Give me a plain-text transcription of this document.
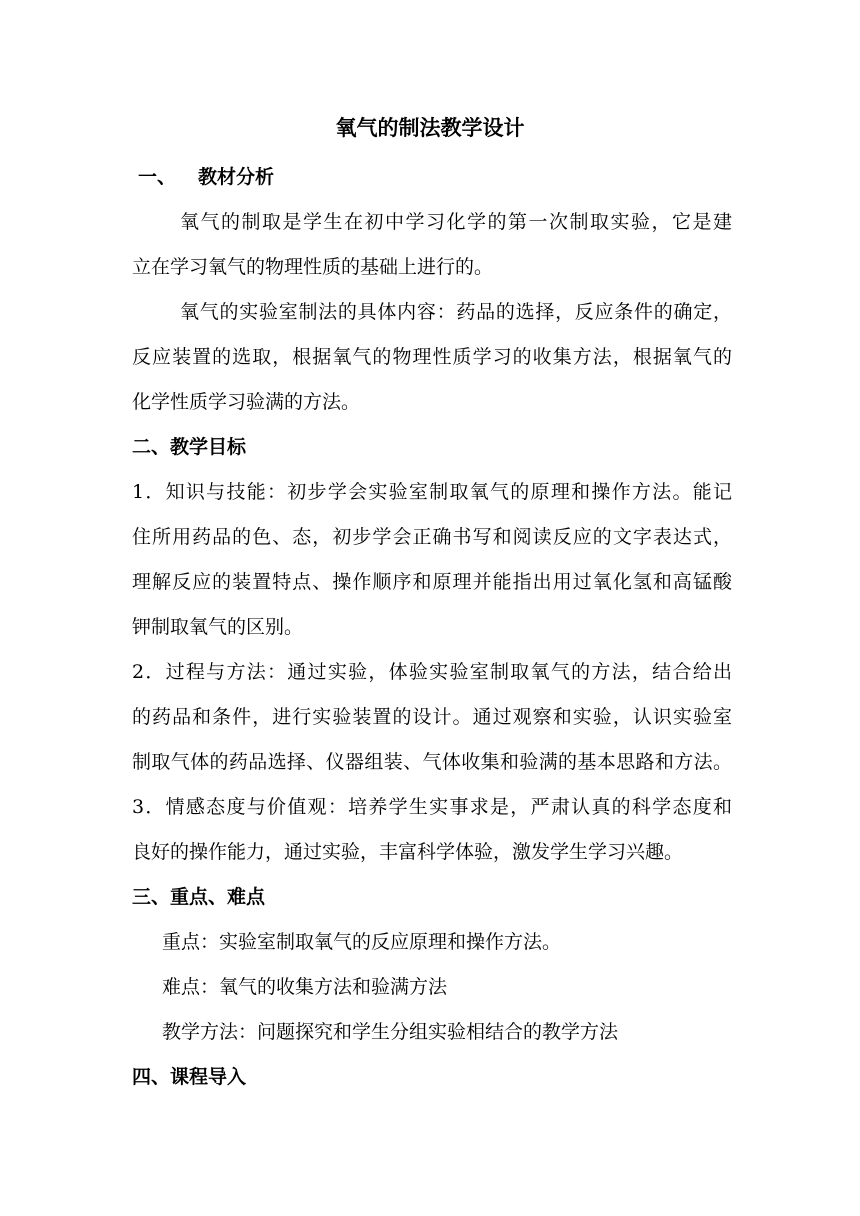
氧气的制法教学设计
一、 教材分析
氧气的制取是学生在初中学习化学的第一次制取实验，它是建
立在学习氧气的物理性质的基础上进行的。
氧气的实验室制法的具体内容：药品的选择，反应条件的确定，
反应装置的选取，根据氧气的物理性质学习的收集方法，根据氧气的
化学性质学习验满的方法。
二、教学目标
1．知识与技能：初步学会实验室制取氧气的原理和操作方法。能记
住所用药品的色、态，初步学会正确书写和阅读反应的文字表达式，
理解反应的装置特点、操作顺序和原理并能指出用过氧化氢和高锰酸
钾制取氧气的区别。
2．过程与方法：通过实验，体验实验室制取氧气的方法，结合给出
的药品和条件，进行实验装置的设计。通过观察和实验，认识实验室
制取气体的药品选择、仪器组装、气体收集和验满的基本思路和方法。
3．情感态度与价值观：培养学生实事求是，严肃认真的科学态度和
良好的操作能力，通过实验，丰富科学体验，激发学生学习兴趣。
三、重点、难点
重点：实验室制取氧气的反应原理和操作方法。
难点：氧气的收集方法和验满方法
教学方法：问题探究和学生分组实验相结合的教学方法
四、课程导入
